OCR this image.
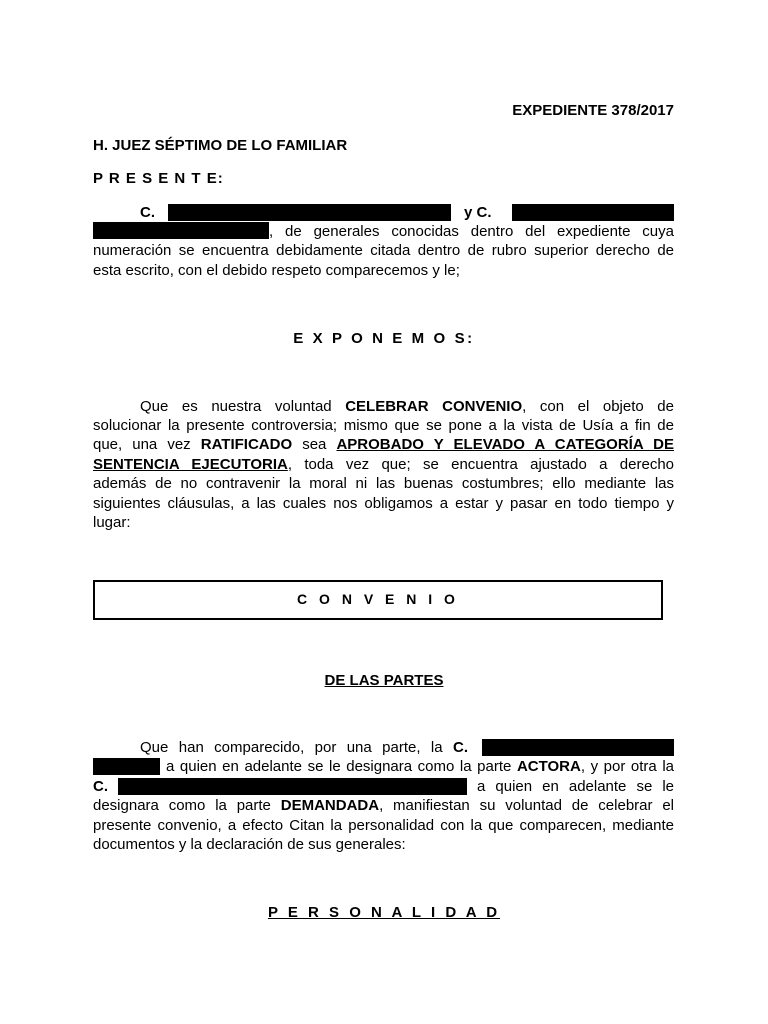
EXPEDIENTE 378/2017
H. JUEZ SÉPTIMO DE LO FAMILIAR
P R E S E N T E:
C.	y C.
, de generales conocidas dentro del expediente cuya
numeración se encuentra debidamente citada dentro de rubro superior derecho de
esta escrito, con el debido respeto comparecemos y le;
E X P O N E M O S:
Que es nuestra voluntad CELEBRAR CONVENIO, con el objeto de
solucionar la presente controversia; mismo que se pone a la vista de Usía a fin de
que, una vez RATIFICADO sea APROBADO Y ELEVADO A CATEGORÍA DE
SENTENCIA EJECUTORIA, toda vez que; se encuentra ajustado a derecho
además de no contravenir la moral ni las buenas costumbres; ello mediante las
siguientes cláusulas, a las cuales nos obligamos a estar y pasar en todo tiempo y
lugar:
C O N V E N I O
DE LAS PARTES
Que han comparecido, por una parte, la C.
a quien en adelante se le designara como la parte ACTORA, y por otra la
C.	a quien en adelante se le
designara como la parte DEMANDADA, manifiestan su voluntad de celebrar el
presente convenio, a efecto Citan la personalidad con la que comparecen, mediante
documentos y la declaración de sus generales:
P E R S O N A L I D A D
